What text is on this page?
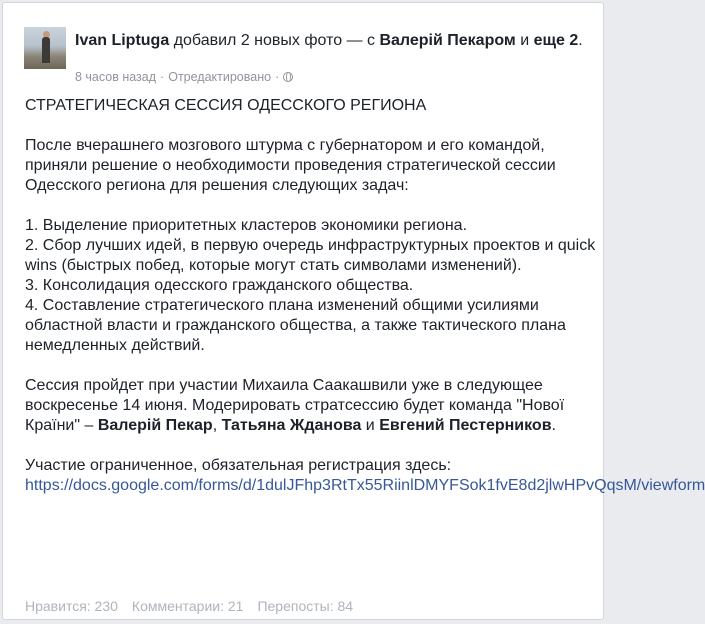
Ivan Liptuga добавил 2 новых фото — с Валерій Пекаром и еще 2.
8 часов назад · Отредактировано ·

СТРАТЕГИЧЕСКАЯ СЕССИЯ ОДЕССКОГО РЕГИОНА

После вчерашнего мозгового штурма с губернатором и его командой, приняли решение о необходимости проведения стратегической сессии Одесского региона для решения следующих задач:

1. Выделение приоритетных кластеров экономики региона.
2. Сбор лучших идей, в первую очередь инфраструктурных проектов и quick wins (быстрых побед, которые могут стать символами изменений).
3. Консолидация одесского гражданского общества.
4. Составление стратегического плана изменений общими усилиями областной власти и гражданского общества, а также тактического плана немедленных действий.

Сессия пройдет при участии Михаила Саакашвили уже в следующее воскресенье 14 июня. Модерировать стратсессию будет команда "Нової Країни" – Валерій Пекар, Татьяна Жданова и Евгений Пестерников.

Участие ограниченное, обязательная регистрация здесь: https://docs.google.com/forms/d/1dulJFhp3RtTx55RiinlDMYFSok1fvE8d2jlwHPvQqsM/viewform

Нравится: 230 Комментарии: 21 Перепосты: 84
